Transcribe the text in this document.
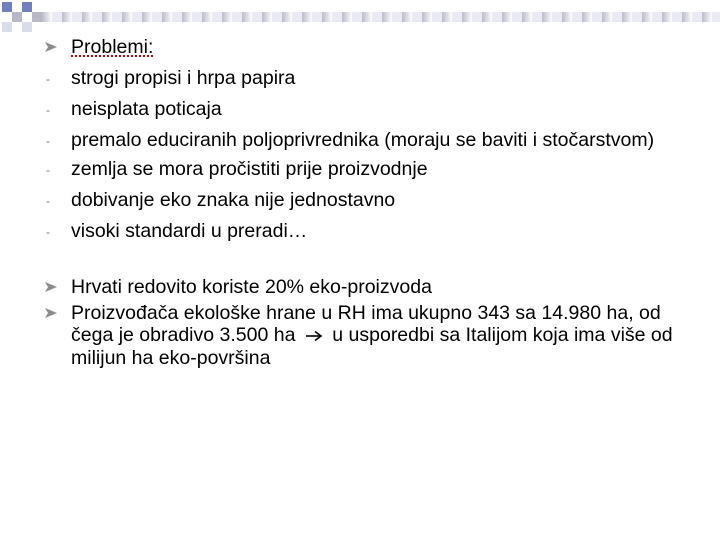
Problemi:
-	strogi propisi i hrpa papira
-	neisplata poticaja
-	premalo educiranih poljoprivrednika (moraju se baviti i stočarstvom)
-	zemlja se mora pročistiti prije proizvodnje
-	dobivanje eko znaka nije jednostavno
-	visoki standardi u preradi…
Hrvati redovito koriste 20% eko-proizvoda
Proizvođača ekološke hrane u RH ima ukupno 343 sa 14.980 ha, od čega je obradivo 3.500 ha u usporedbi sa Italijom koja ima više od milijun ha eko-površina
